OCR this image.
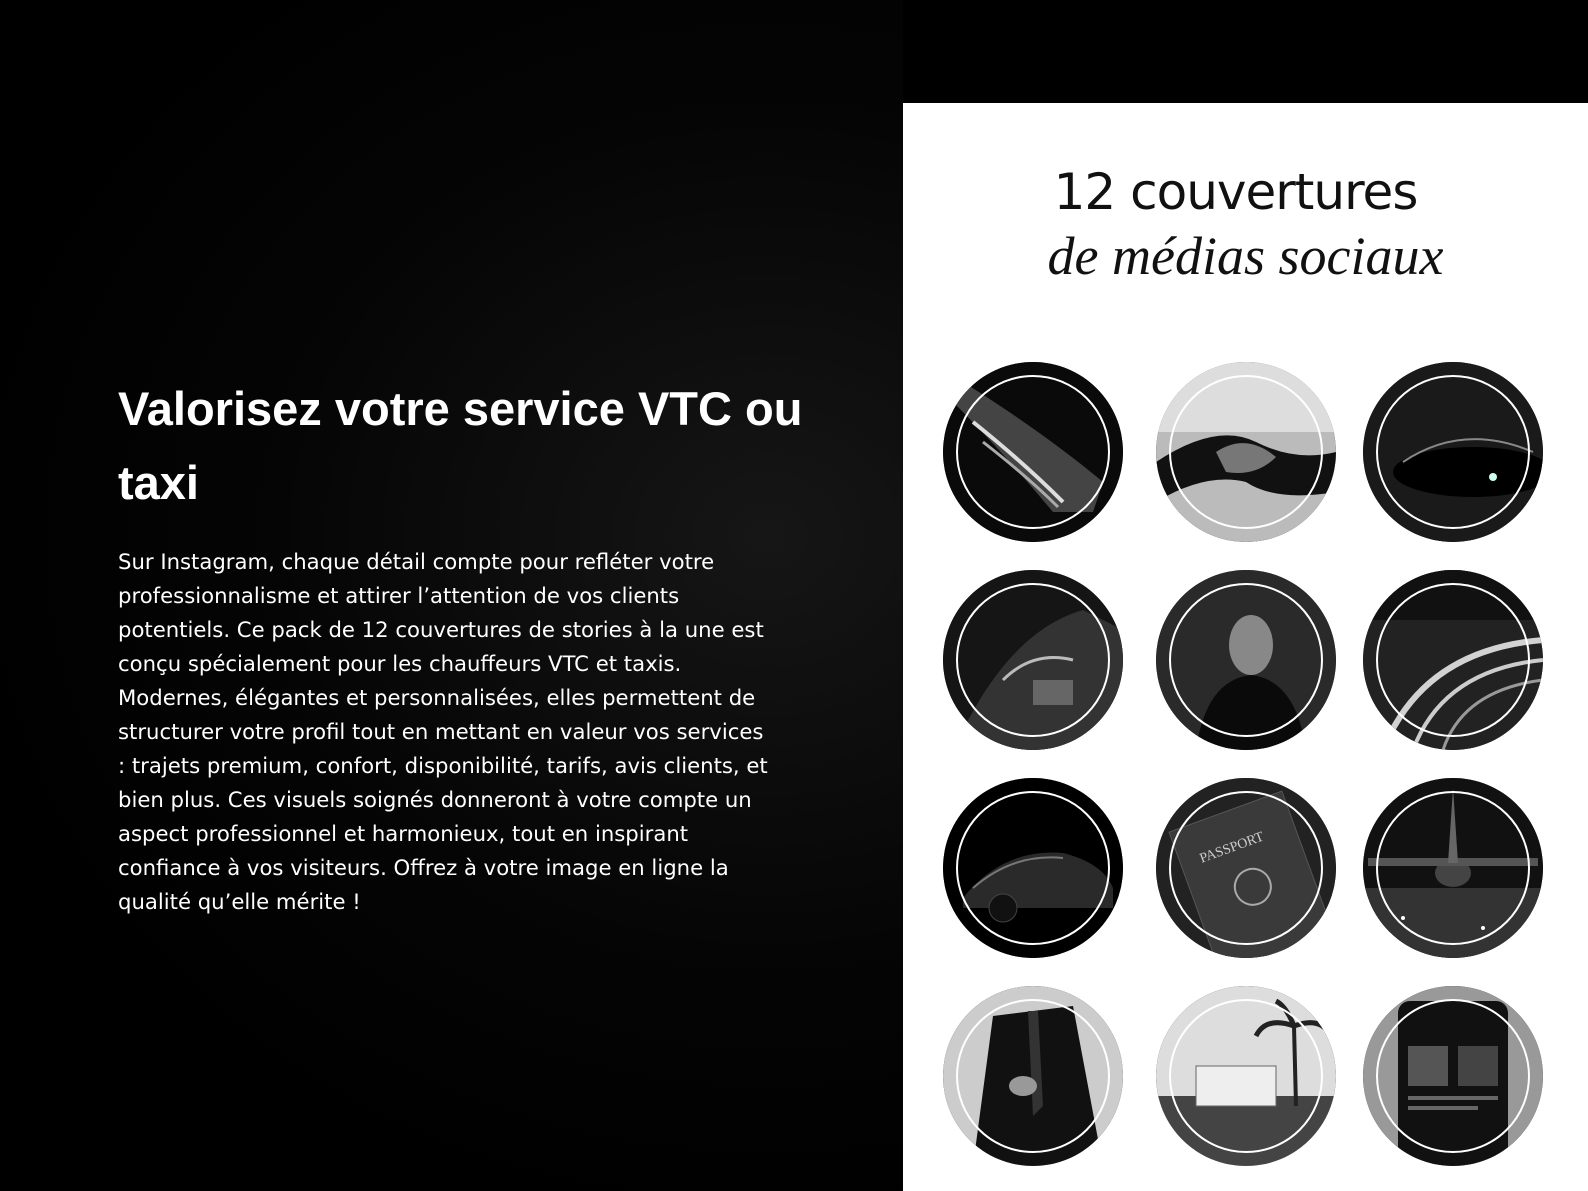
Valorisez votre service VTC ou taxi

Sur Instagram, chaque détail compte pour refléter votre professionnalisme et attirer l’attention de vos clients potentiels. Ce pack de 12 couvertures de stories à la une est conçu spécialement pour les chauffeurs VTC et taxis. Modernes, élégantes et personnalisées, elles permettent de structurer votre profil tout en mettant en valeur vos services : trajets premium, confort, disponibilité, tarifs, avis clients, et bien plus. Ces visuels soignés donneront à votre compte un aspect professionnel et harmonieux, tout en inspirant confiance à vos visiteurs. Offrez à votre image en ligne la qualité qu’elle mérite !

12 couvertures
de médias sociaux
PASSPORT
